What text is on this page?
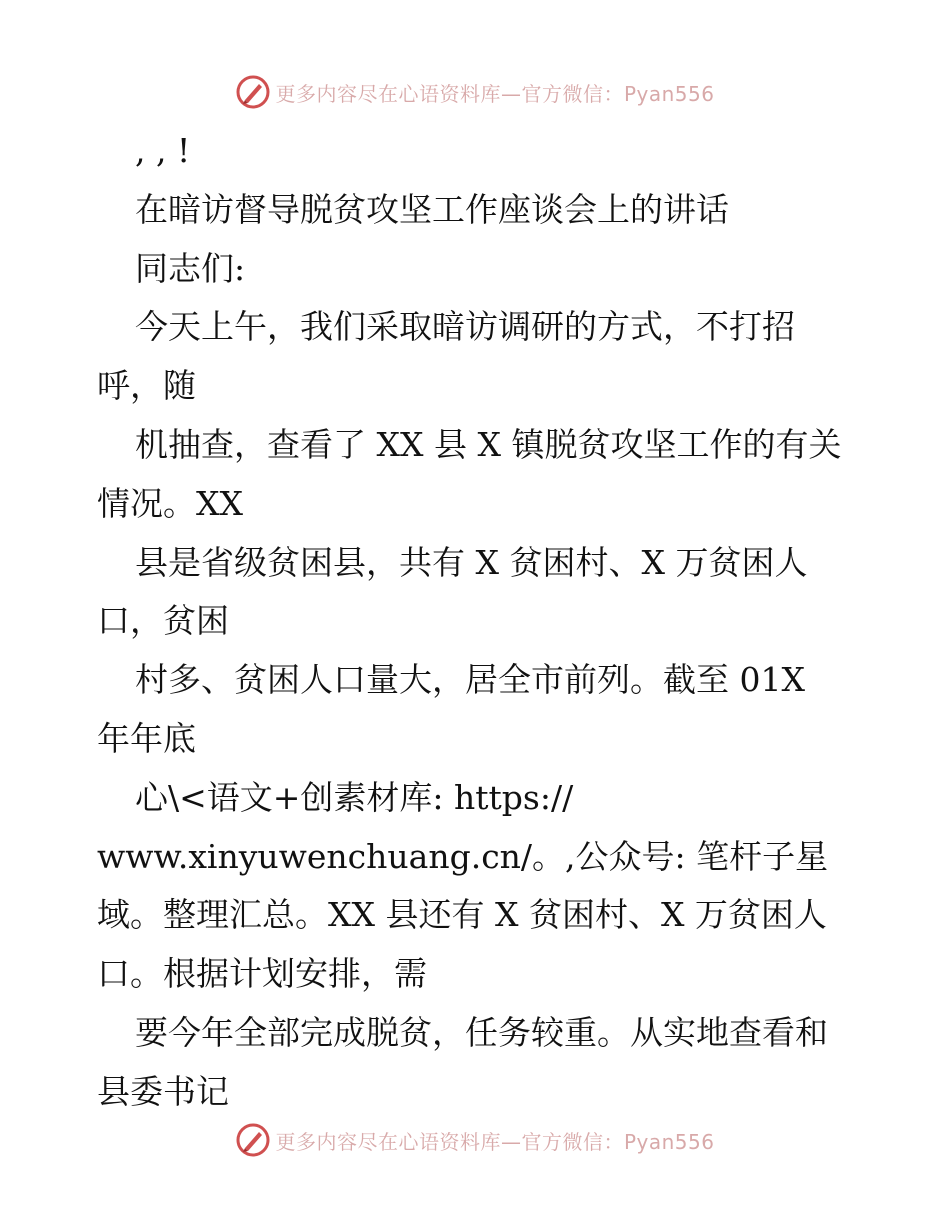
更多内容尽在心语资料库—官方微信：Pyan556
, , !
在暗访督导脱贫攻坚工作座谈会上的讲话
同志们:
今天上午，我们采取暗访调研的方式，不打招
呼，随
机抽查，查看了 XX 县 X 镇脱贫攻坚工作的有关
情况。XX
县是省级贫困县，共有 X 贫困村、X 万贫困人
口，贫困
村多、贫困人口量大，居全市前列。截至 01X
年年底
心\<语文+创素材库: https://
www.xinyuwenchuang.cn/。,公众号: 笔杆子星
域。整理汇总。XX 县还有 X 贫困村、X 万贫困人
口。根据计划安排，需
要今年全部完成脱贫，任务较重。从实地查看和
县委书记
更多内容尽在心语资料库—官方微信：Pyan556
